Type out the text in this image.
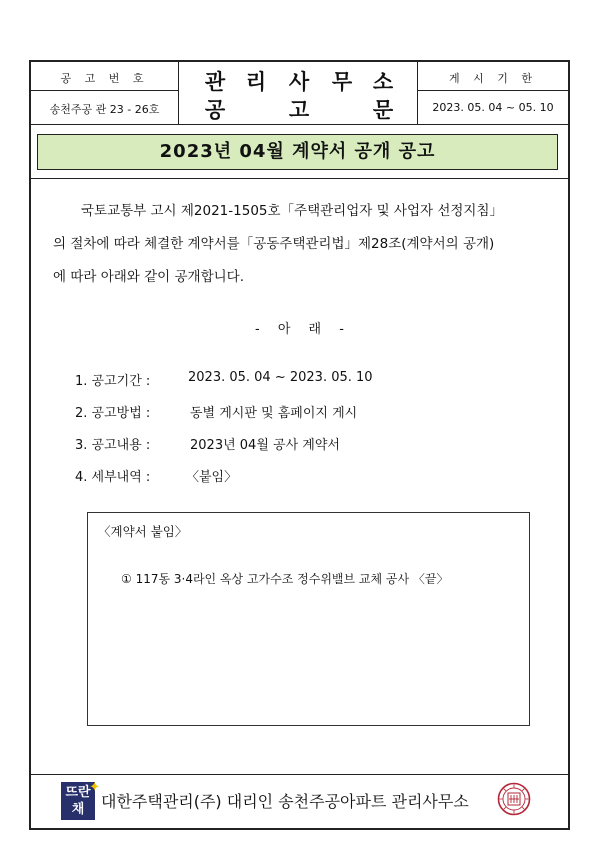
공 고 번 호
송천주공 관 23 - 26호
관 리 사 무 소
공	고	문
게 시 기 한
2023. 05. 04 ~ 05. 10
2023년 04월 계약서 공개 공고
국토교통부 고시 제2021-1505호「주택관리업자 및 사업자 선정지침」
의 절차에 따라 체결한 계약서를「공동주택관리법」제28조(계약서의 공개)
에 따라 아래와 같이 공개합니다.
- 아 래 -
1. 공고기간 :	2023. 05. 04 ~ 2023. 05. 10
2. 공고방법 :	동별 게시판 및 홈페이지 게시
3. 공고내용 :	2023년 04월 공사 계약서
4. 세부내역 :	〈붙임〉
〈계약서 붙임〉
① 117동 3·4라인 옥상 고가수조 정수위밸브 교체 공사 〈끝〉
뜨란
채
✦
대한주택관리(주) 대리인 송천주공아파트 관리사무소
